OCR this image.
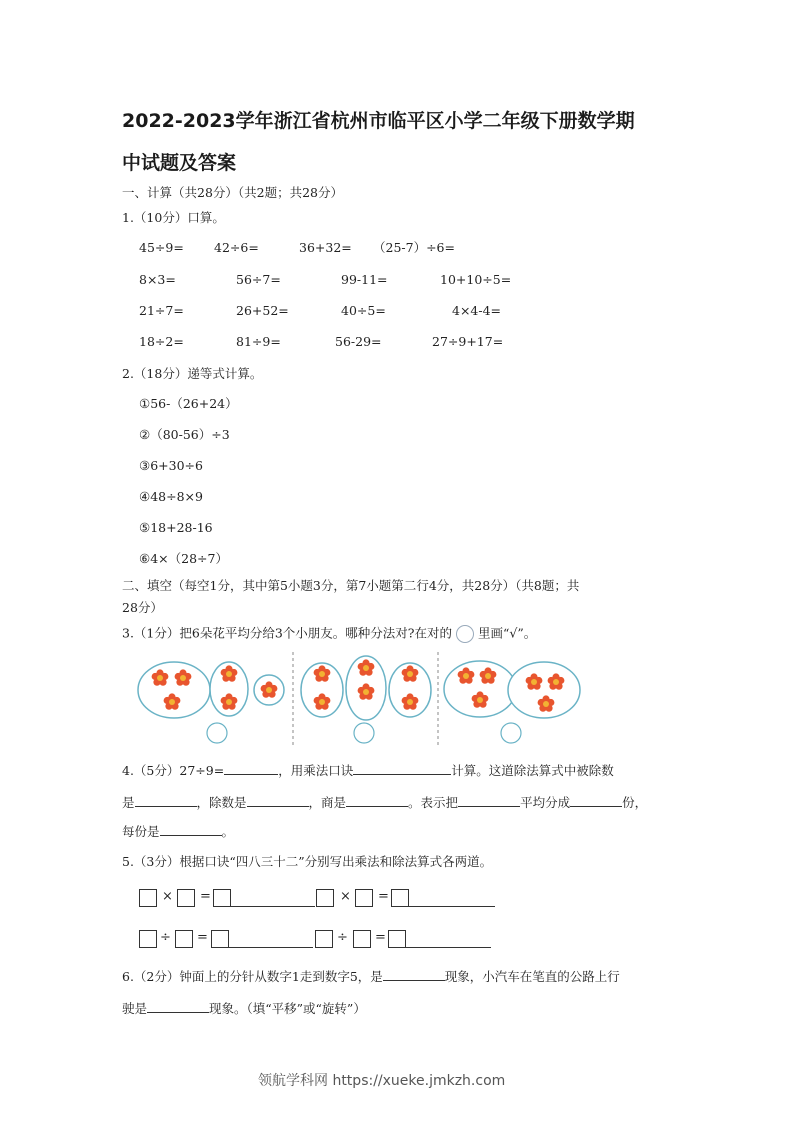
2022-2023学年浙江省杭州市临平区小学二年级下册数学期
中试题及答案
一、计算（共28分）（共2题；共28分）
1.（10分）口算。
45÷9= 42÷6=	36+32= （25-7）÷6=
8×3=	56÷7=	99-11=	10+10÷5=
21÷7=	26+52=	40÷5=	4×4-4=
18÷2=	81÷9=	56-29=	27÷9+17=
2.（18分）递等式计算。
①56-（26+24）
②（80-56）÷3
③6+30÷6
④48÷8×9
⑤18+28-16
⑥4×（28÷7）
二、填空（每空1分，其中第5小题3分，第7小题第二行4分，共28分）（共8题；共
28分）
3.（1分）把6朵花平均分给3个小朋友。哪种分法对?在对的 里画“√”。
4.（5分）27÷9=	，用乘法口诀	计算。这道除法算式中被除数
是	，除数是	，商是	。表示把	平均分成	份，
每份是	。
5.（3分）根据口诀“四八三十二”分别写出乘法和除法算式各两道。
× =	× =
÷ =	÷ =
6.（2分）钟面上的分针从数字1走到数字5，是	现象，小汽车在笔直的公路上行
驶是	现象。（填“平移”或“旋转”）
领航学科网 https://xueke.jmkzh.com
